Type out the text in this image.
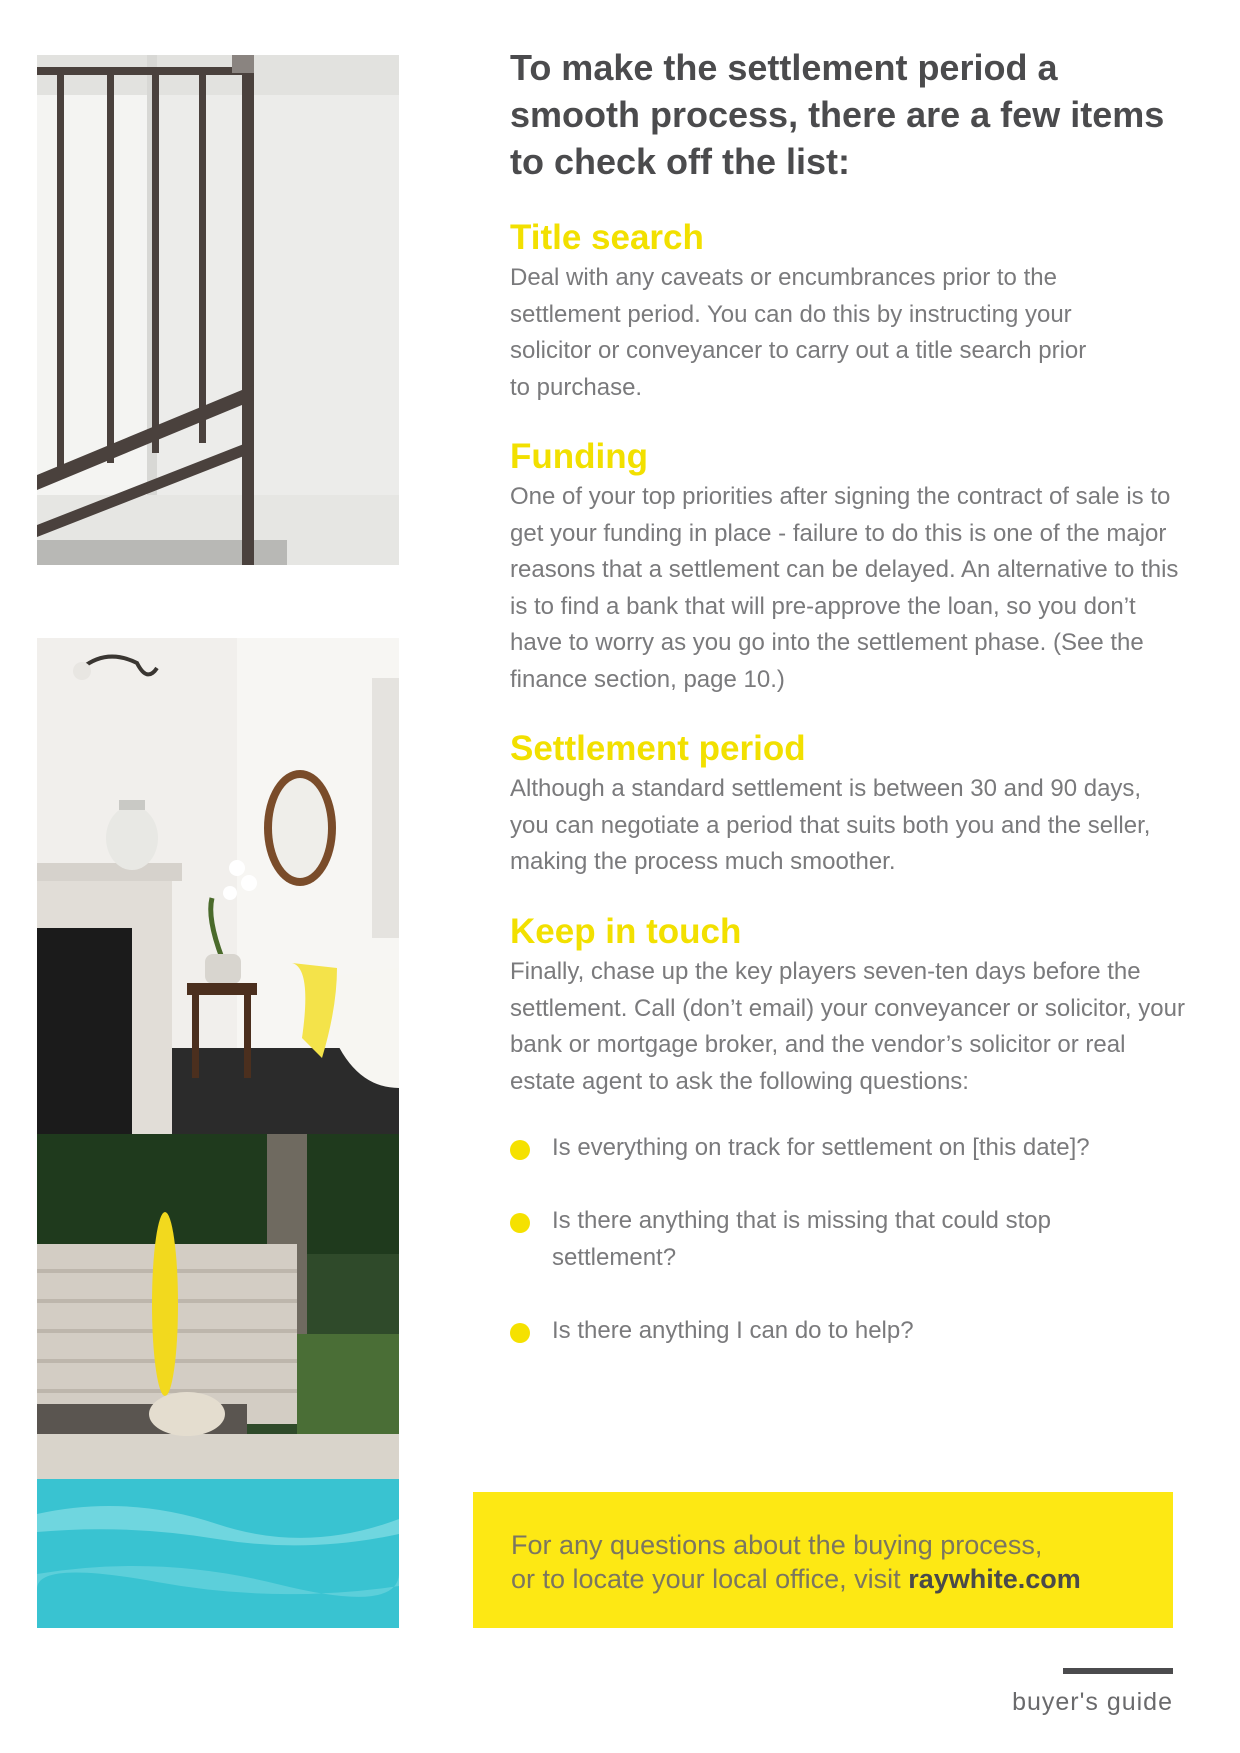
To make the settlement period a smooth process, there are a few items to check off the list:

Title search

Deal with any caveats or encumbrances prior to the settlement period. You can do this by instructing your solicitor or conveyancer to carry out a title search prior to purchase.

Funding

One of your top priorities after signing the contract of sale is to get your funding in place - failure to do this is one of the major reasons that a settlement can be delayed. An alternative to this is to find a bank that will pre-approve the loan, so you don’t have to worry as you go into the settlement phase. (See the finance section, page 10.)

Settlement period

Although a standard settlement is between 30 and 90 days, you can negotiate a period that suits both you and the seller, making the process much smoother.

Keep in touch

Finally, chase up the key players seven-ten days before the settlement. Call (don’t email) your conveyancer or solicitor, your bank or mortgage broker, and the vendor’s solicitor or real estate agent to ask the following questions:

Is everything on track for settlement on [this date]?
Is there anything that is missing that could stop settlement?
Is there anything I can do to help?
For any questions about the buying process,
or to locate your local office, visit raywhite.com
buyer's guide
